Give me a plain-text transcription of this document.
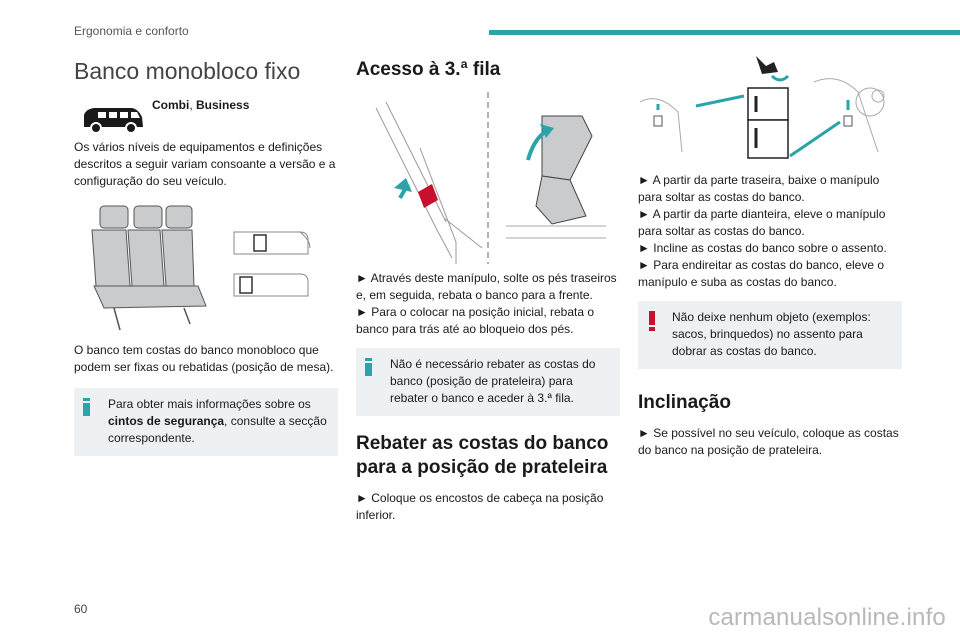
Ergonomia e conforto
Banco monobloco fixo
Combi, Business

Os vários níveis de equipamentos e definições descritos a seguir variam consoante a versão e a configuração do seu veículo.

O banco tem costas do banco monobloco que podem ser fixas ou rebatidas (posição de mesa).

Para obter mais informações sobre os cintos de segurança, consulte a secção correspondente.
Acesso à 3.ª fila

► Através deste manípulo, solte os pés traseiros e, em seguida, rebata o banco para a frente.

► Para o colocar na posição inicial, rebata o banco para trás até ao bloqueio dos pés.

Não é necessário rebater as costas do banco (posição de prateleira) para rebater o banco e aceder à 3.ª fila.
Rebater as costas do banco para a posição de prateleira

► Coloque os encostos de cabeça na posição inferior.

► A partir da parte traseira, baixe o manípulo para soltar as costas do banco.

► A partir da parte dianteira, eleve o manípulo para soltar as costas do banco.

► Incline as costas do banco sobre o assento.

► Para endireitar as costas do banco, eleve o manípulo e suba as costas do banco.

Não deixe nenhum objeto (exemplos: sacos, brinquedos) no assento para dobrar as costas do banco.
Inclinação

► Se possível no seu veículo, coloque as costas do banco na posição de prateleira.

60	carmanualsonline.info
